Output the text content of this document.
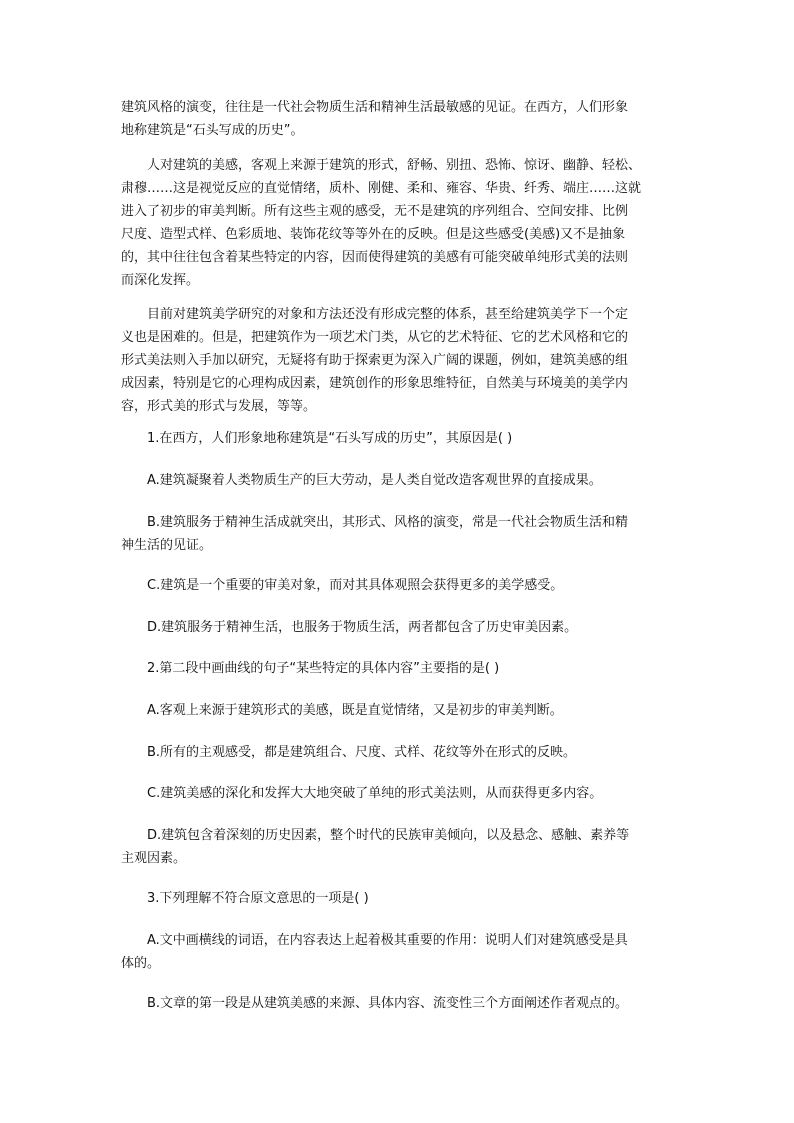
建筑风格的演变，往往是一代社会物质生活和精神生活最敏感的见证。在西方，人们形象
地称建筑是“石头写成的历史”。

人对建筑的美感，客观上来源于建筑的形式，舒畅、别扭、恐怖、惊讶、幽静、轻松、
肃穆……这是视觉反应的直觉情绪，质朴、刚健、柔和、雍容、华贵、纤秀、端庄……这就
进入了初步的审美判断。所有这些主观的感受，无不是建筑的序列组合、空间安排、比例
尺度、造型式样、色彩质地、装饰花纹等等外在的反映。但是这些感受(美感)又不是抽象
的，其中往往包含着某些特定的内容，因而使得建筑的美感有可能突破单纯形式美的法则
而深化发挥。

目前对建筑美学研究的对象和方法还没有形成完整的体系，甚至给建筑美学下一个定
义也是困难的。但是，把建筑作为一项艺术门类，从它的艺术特征、它的艺术风格和它的
形式美法则入手加以研究，无疑将有助于探索更为深入广阔的课题，例如，建筑美感的组
成因素，特别是它的心理构成因素，建筑创作的形象思维特征，自然美与环境美的美学内
容，形式美的形式与发展，等等。

1.在西方，人们形象地称建筑是“石头写成的历史”，其原因是( )

A.建筑凝聚着人类物质生产的巨大劳动，是人类自觉改造客观世界的直接成果。

B.建筑服务于精神生活成就突出，其形式、风格的演变，常是一代社会物质生活和精
神生活的见证。

C.建筑是一个重要的审美对象，而对其具体观照会获得更多的美学感受。

D.建筑服务于精神生活，也服务于物质生活，两者都包含了历史审美因素。

2.第二段中画曲线的句子“某些特定的具体内容”主要指的是( )

A.客观上来源于建筑形式的美感，既是直觉情绪，又是初步的审美判断。

B.所有的主观感受，都是建筑组合、尺度、式样、花纹等外在形式的反映。

C.建筑美感的深化和发挥大大地突破了单纯的形式美法则，从而获得更多内容。

D.建筑包含着深刻的历史因素，整个时代的民族审美倾向，以及悬念、感触、素养等
主观因素。

3.下列理解不符合原文意思的一项是( )

A.文中画横线的词语，在内容表达上起着极其重要的作用：说明人们对建筑感受是具
体的。

B.文章的第一段是从建筑美感的来源、具体内容、流变性三个方面阐述作者观点的。
